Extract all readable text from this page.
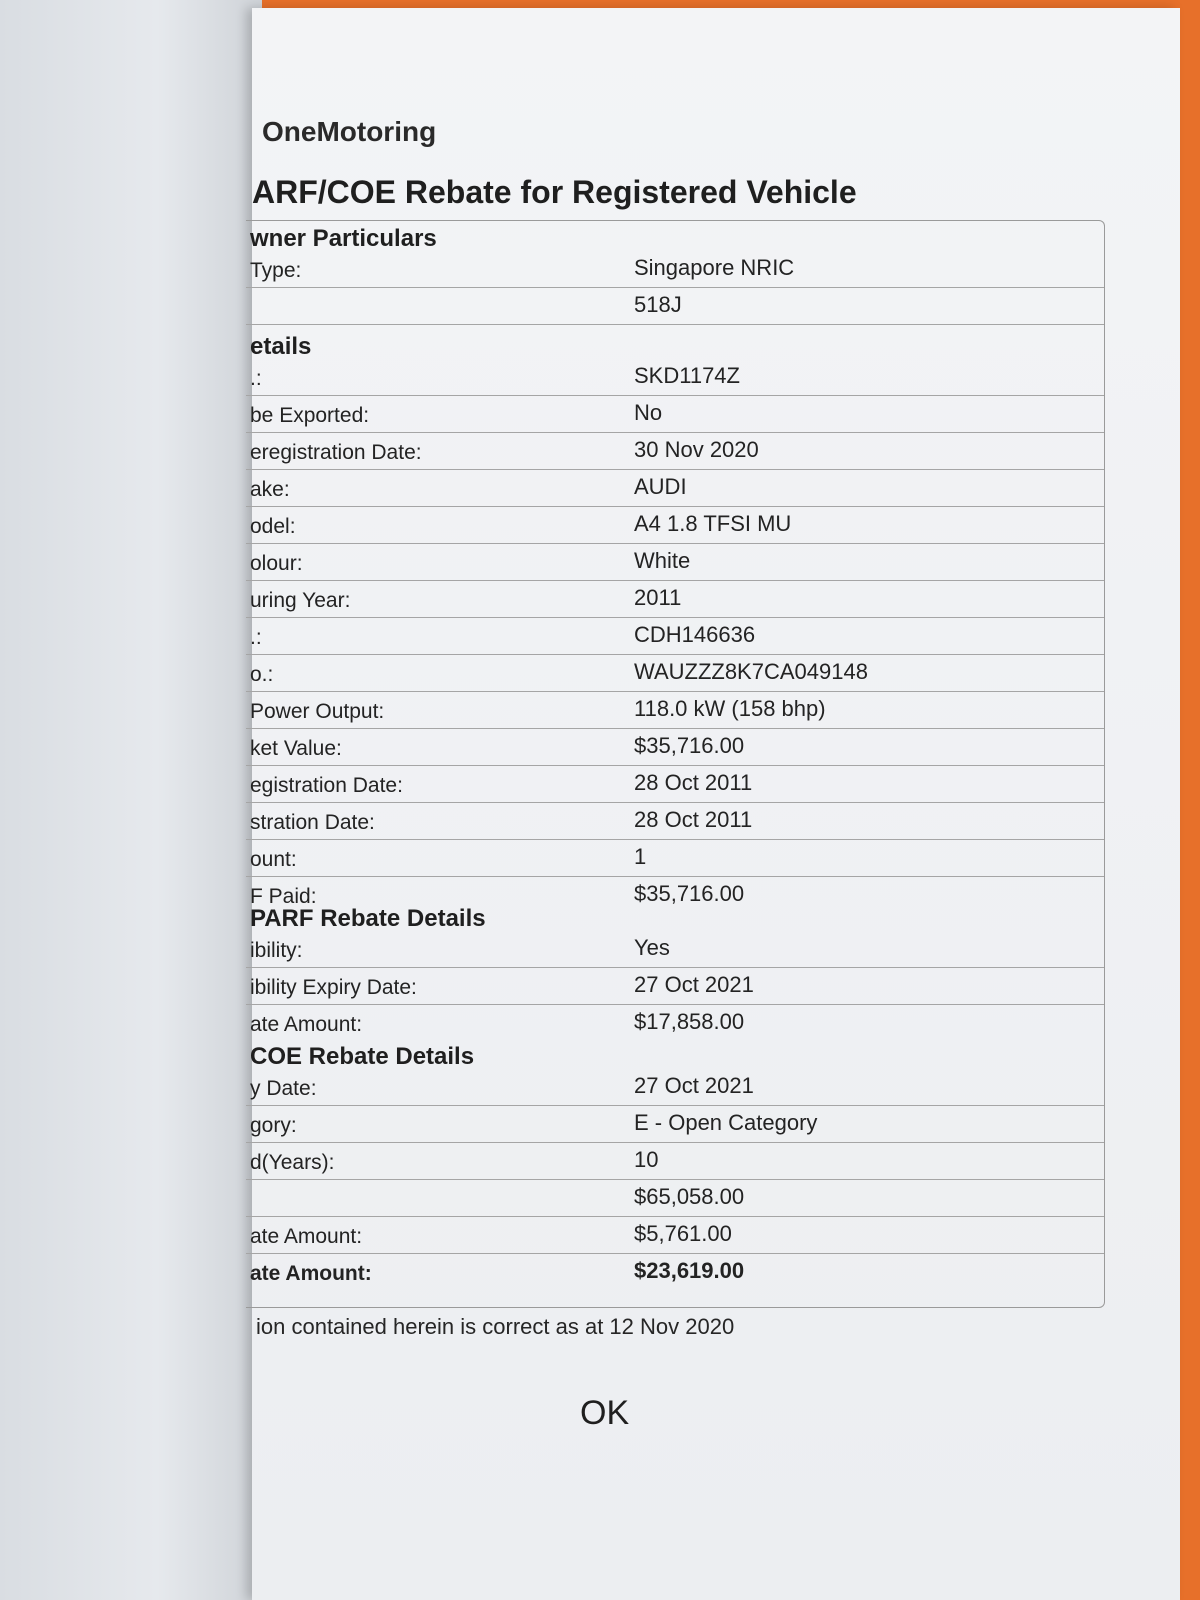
OneMotoring
ARF/COE Rebate for Registered Vehicle
wner Particulars
Type:	Singapore NRIC
518J
etails
.:	SKD1174Z
be Exported:	No
eregistration Date:	30 Nov 2020
ake:	AUDI
odel:	A4 1.8 TFSI MU
olour:	White
uring Year:	2011
.:	CDH146636
o.:	WAUZZZ8K7CA049148
Power Output:	118.0 kW (158 bhp)
ket Value:	$35,716.00
egistration Date:	28 Oct 2011
stration Date:	28 Oct 2011
ount:	1
F Paid:	$35,716.00
PARF Rebate Details
ibility:	Yes
ibility Expiry Date:	27 Oct 2021
ate Amount:	$17,858.00
COE Rebate Details
y Date:	27 Oct 2021
gory:	E - Open Category
d(Years):	10
$65,058.00
ate Amount:	$5,761.00
ate Amount:	$23,619.00
ion contained herein is correct as at 12 Nov 2020
OK
